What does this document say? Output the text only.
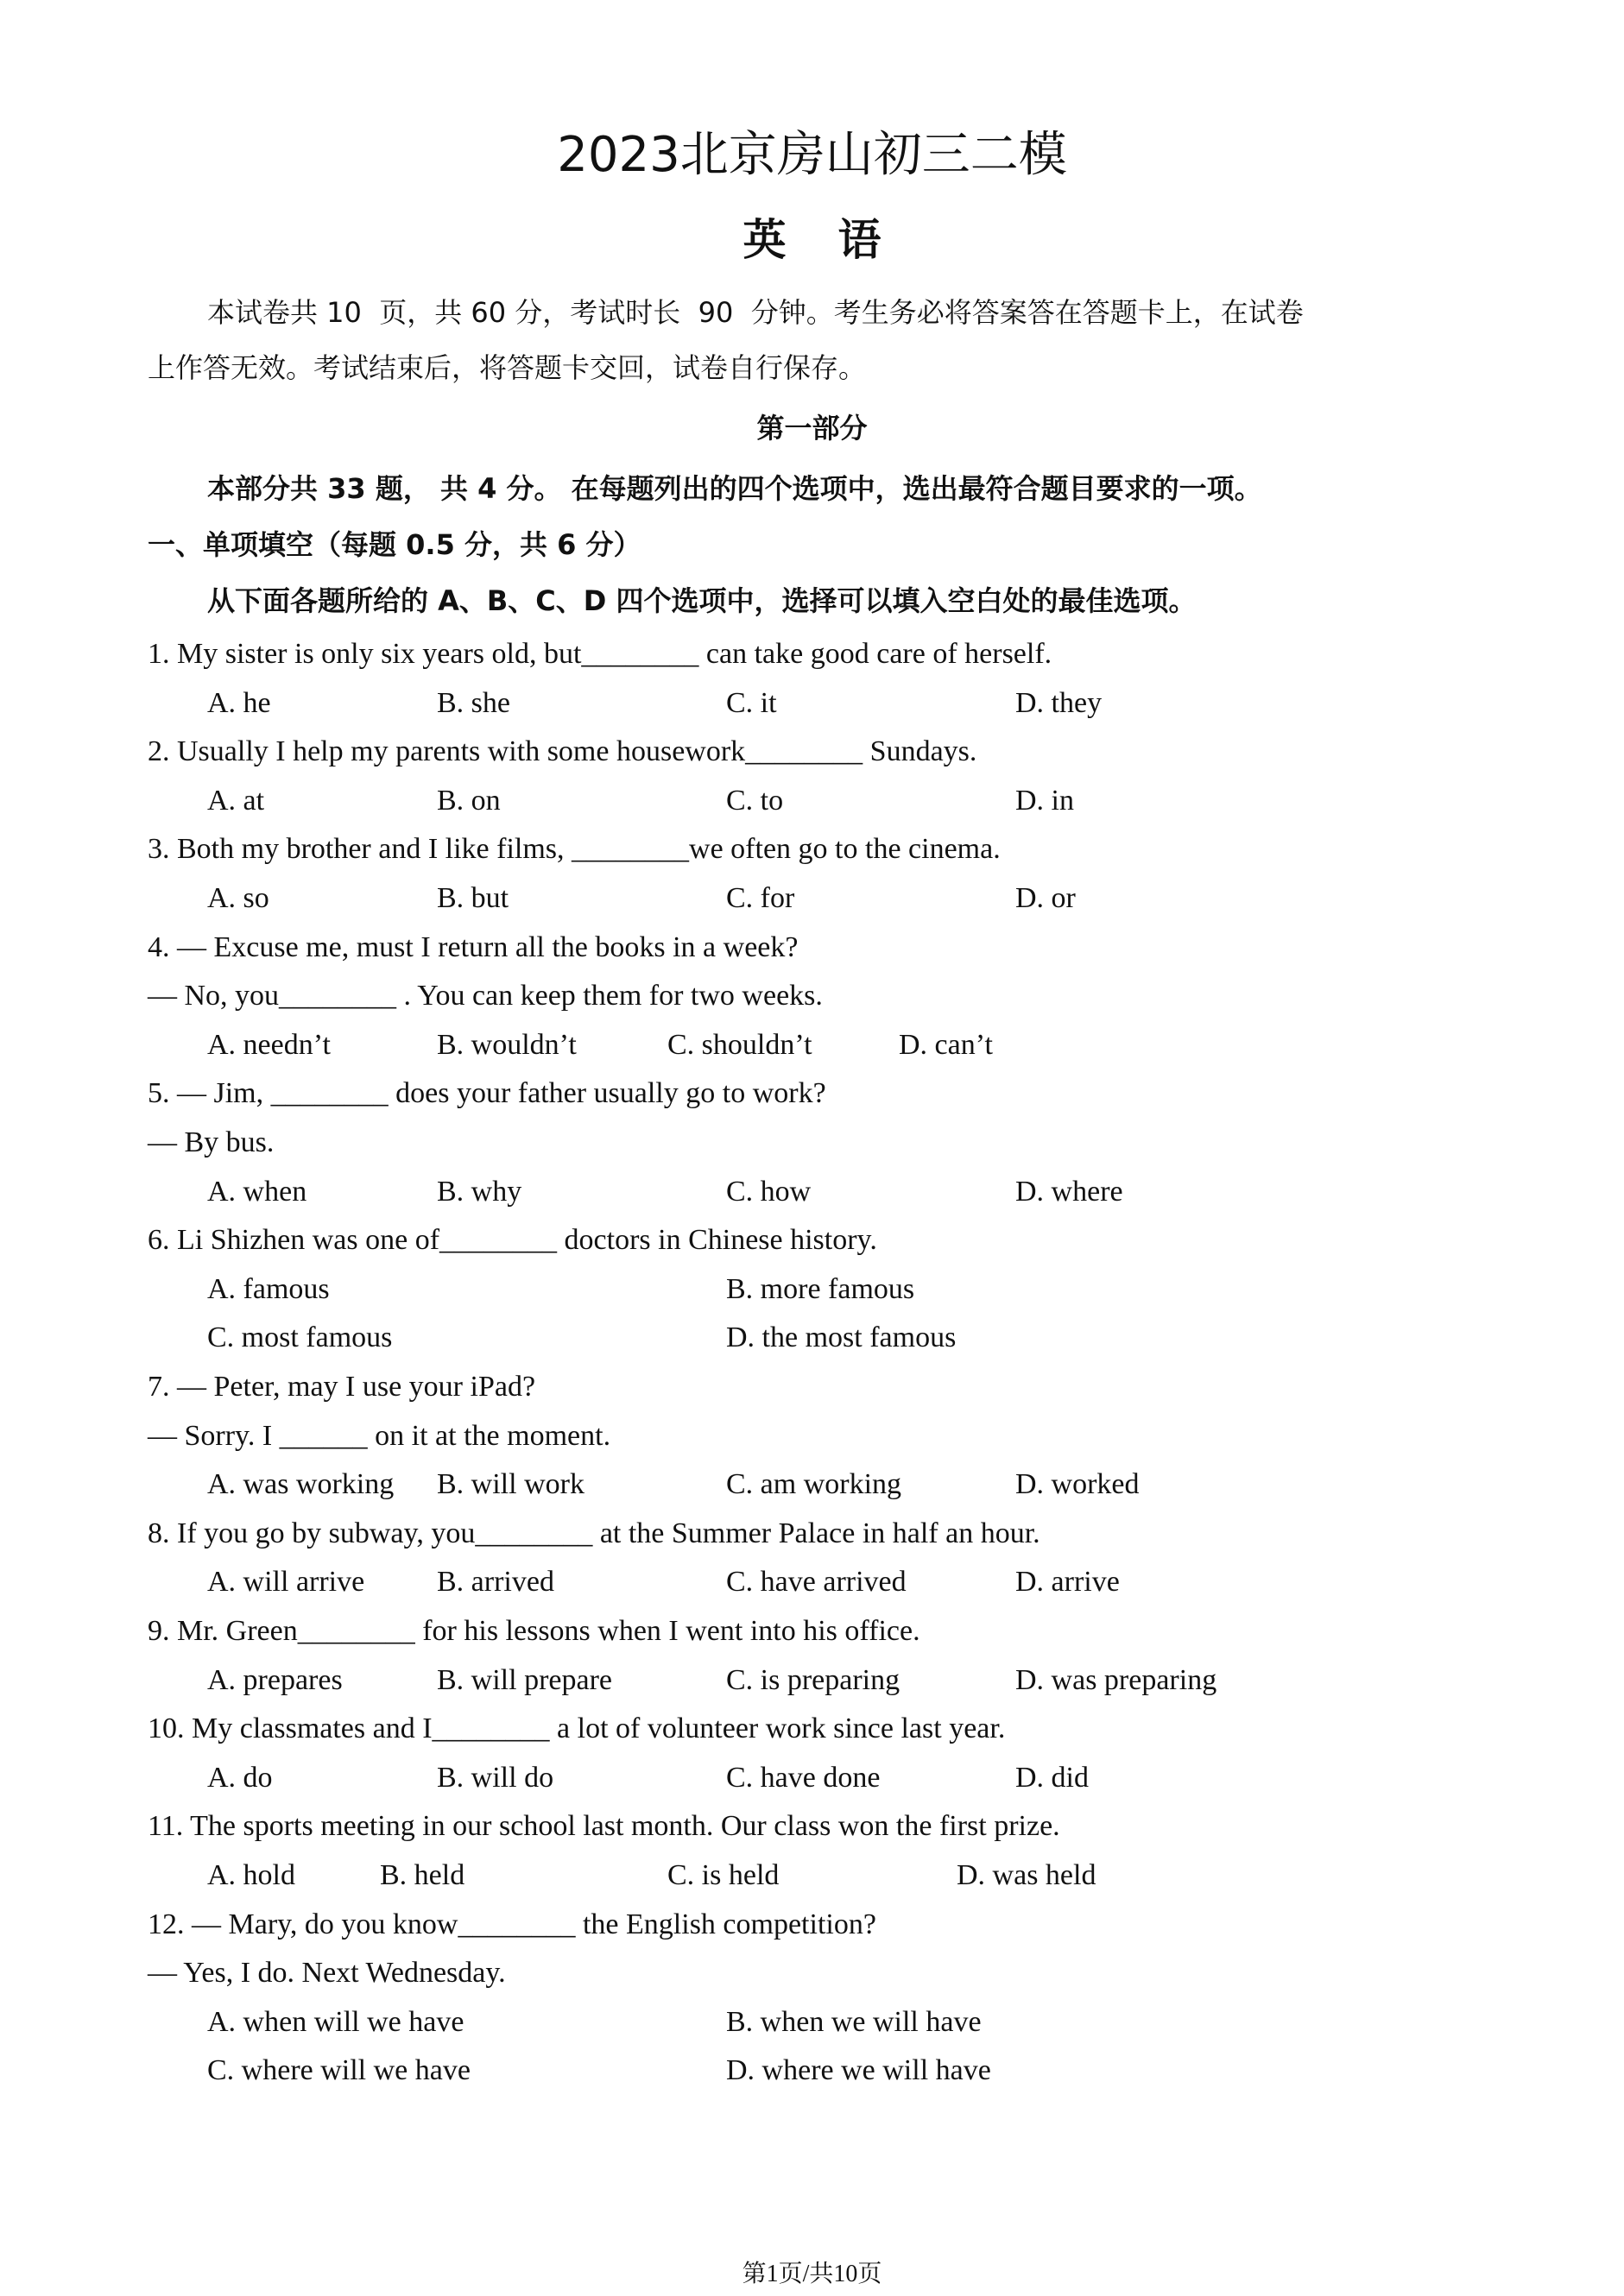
2023北京房山初三二模
英语
本试卷共 10  页，共 60 分，考试时长  90  分钟。考生务必将答案答在答题卡上，在试卷
上作答无效。考试结束后，将答题卡交回，试卷自行保存。
第一部分
本部分共 33 题， 共 4 分。 在每题列出的四个选项中，选出最符合题目要求的一项。
一、单项填空（每题 0.5 分，共 6 分）
从下面各题所给的 A、B、C、D 四个选项中，选择可以填入空白处的最佳选项。
1. My sister is only six years old, but________ can take good care of herself.
A. he	B. she	C. it	D. they
2. Usually I help my parents with some housework________ Sundays.
A. at	B. on	C. to	D. in
3. Both my brother and I like films, ________we often go to the cinema.
A. so	B. but	C. for	D. or
4. — Excuse me, must I return all the books in a week?
— No, you________ . You can keep them for two weeks.
A. needn’t	B. wouldn’t	C. shouldn’t	D. can’t
5. — Jim, ________ does your father usually go to work?
— By bus.
A. when	B. why	C. how	D. where
6. Li Shizhen was one of________ doctors in Chinese history.
A. famous	B. more famous
C. most famous	D. the most famous
7. — Peter, may I use your iPad?
— Sorry. I ______ on it at the moment.
A. was working B. will work	C. am working	D. worked
8. If you go by subway, you________ at the Summer Palace in half an hour.
A. will arrive B. arrived	C. have arrived	D. arrive
9. Mr. Green________ for his lessons when I went into his office.
A. prepares	B. will prepare	C. is preparing	D. was preparing
10. My classmates and I________ a lot of volunteer work since last year.
A. do	B. will do	C. have done	D. did
11. The sports meeting in our school last month. Our class won the first prize.
A. hold	B. held	C. is held	D. was held
12. — Mary, do you know________ the English competition?
— Yes, I do. Next Wednesday.
A. when will we have	B. when we will have
C. where will we have	D. where we will have
第1页/共10页
